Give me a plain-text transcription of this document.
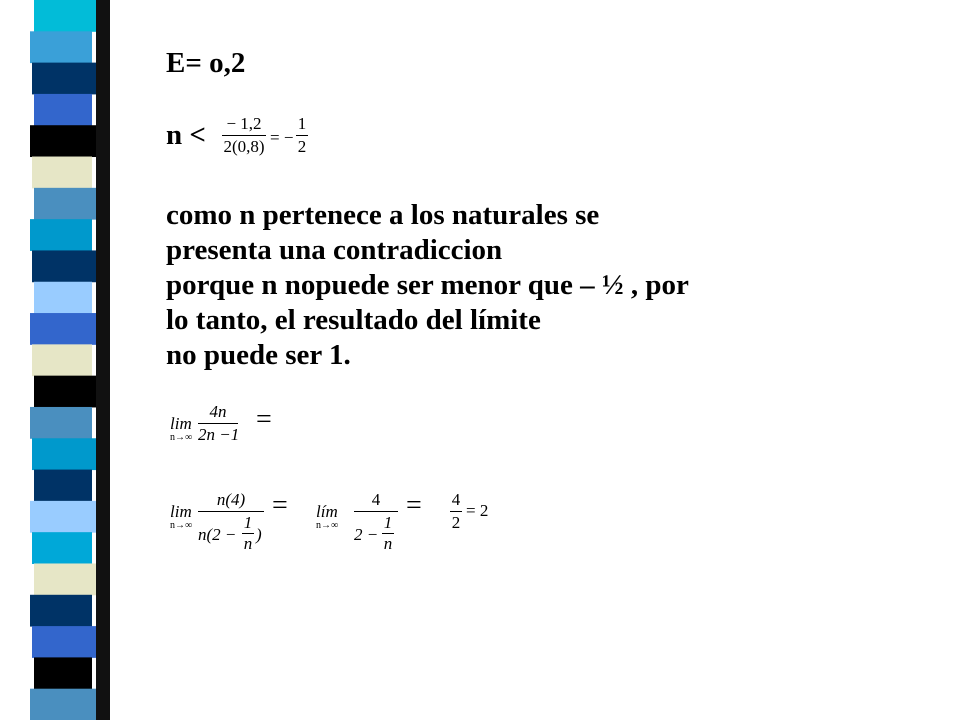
E= o,2
n < − 1,2
2(0,8) = −
1
2
como n pertenece a los naturales se
presenta una contradiccion
porque n nopuede ser menor que – ½ , por
lo tanto, el resultado del límite
no puede ser 1.
lim
n→∞
4n
2n −1 =
lim
n→∞
n(4)
n(2 −
1
n )
= lím
n→∞
4
2 −
1
n
= 4
2
= 2
